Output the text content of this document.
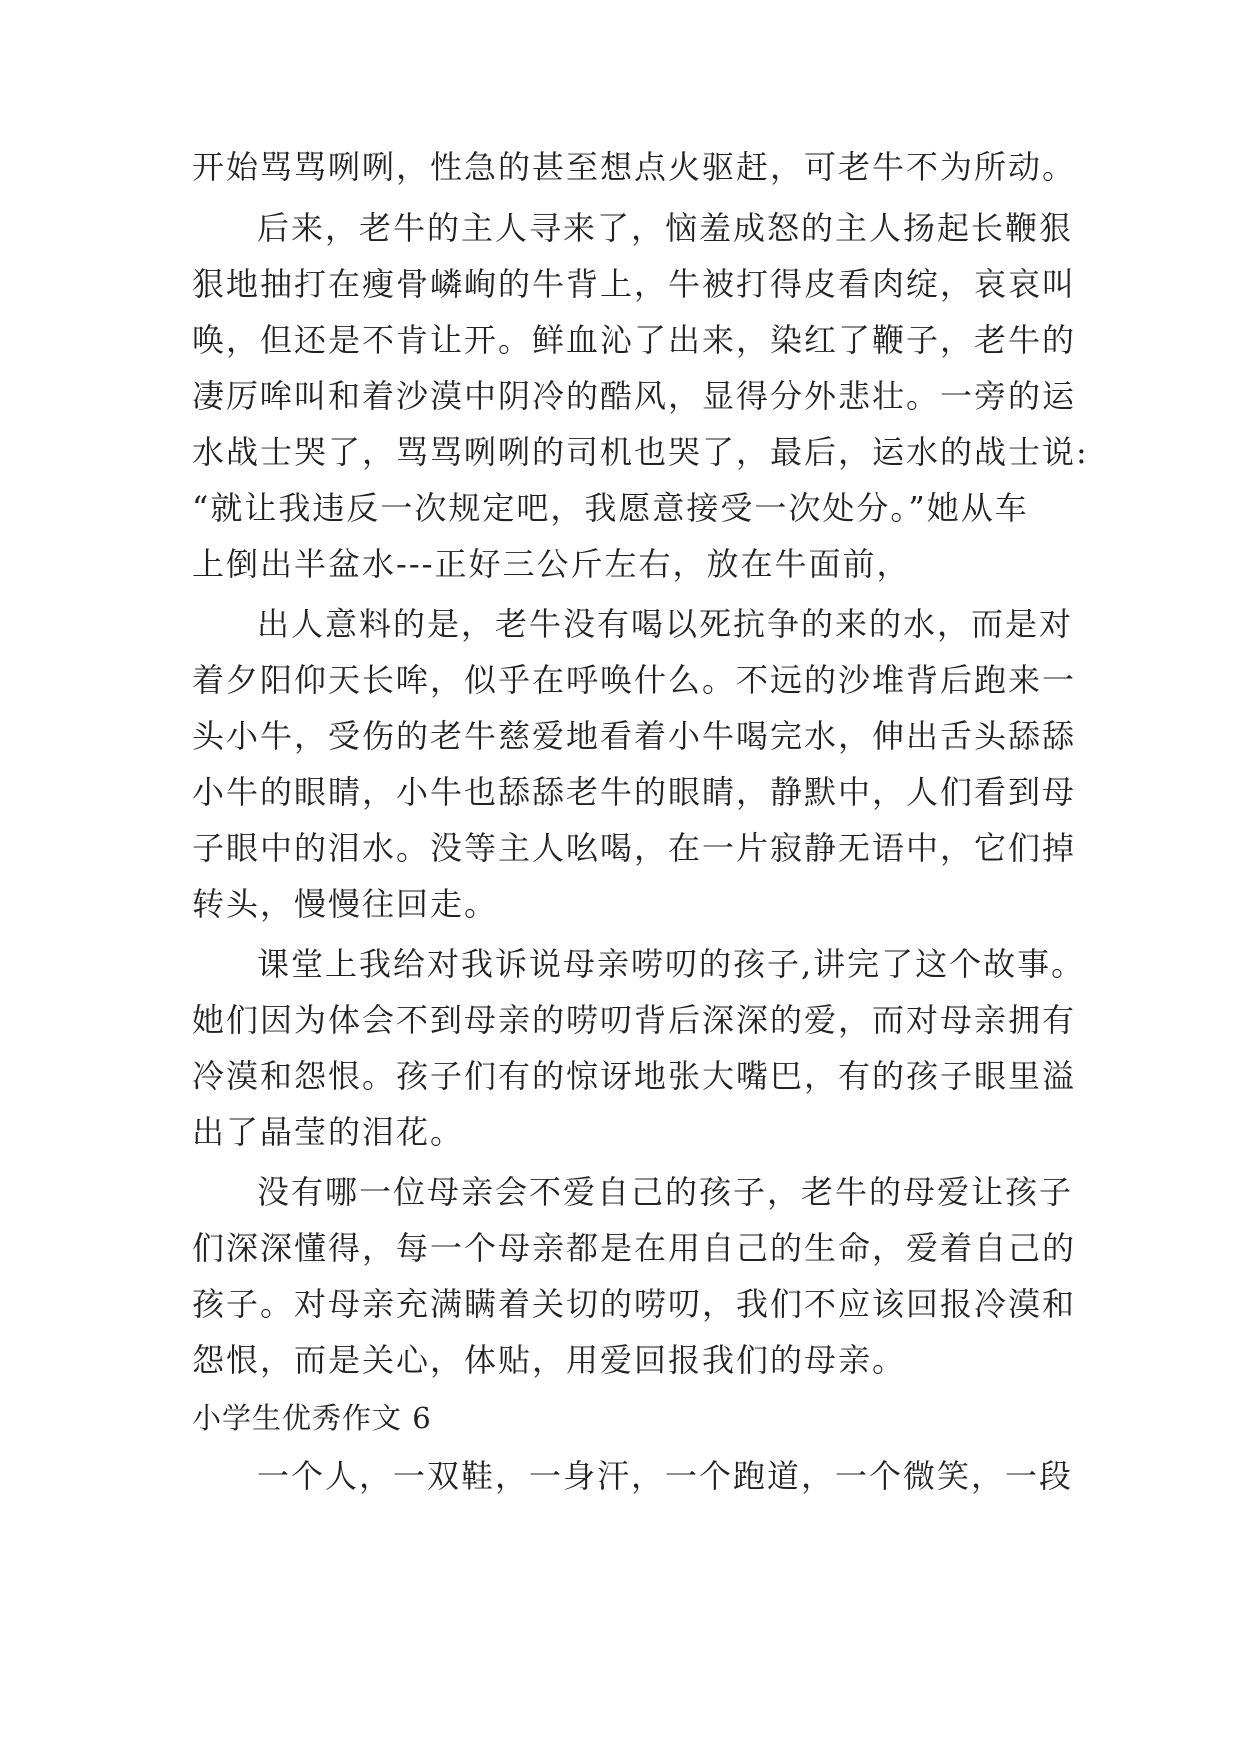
开始骂骂咧咧，性急的甚至想点火驱赶，可老牛不为所动。
后来，老牛的主人寻来了，恼羞成怒的主人扬起长鞭狠
狠地抽打在瘦骨嶙峋的牛背上，牛被打得皮看肉绽，哀哀叫
唤，但还是不肯让开。鲜血沁了出来，染红了鞭子，老牛的
凄厉哞叫和着沙漠中阴冷的酷风，显得分外悲壮。一旁的运
水战士哭了，骂骂咧咧的司机也哭了，最后，运水的战士说:
“就让我违反一次规定吧，我愿意接受一次处分。”她从车
上倒出半盆水---正好三公斤左右，放在牛面前，
出人意料的是，老牛没有喝以死抗争的来的水，而是对
着夕阳仰天长哞，似乎在呼唤什么。不远的沙堆背后跑来一
头小牛，受伤的老牛慈爱地看着小牛喝完水，伸出舌头舔舔
小牛的眼睛，小牛也舔舔老牛的眼睛，静默中，人们看到母
子眼中的泪水。没等主人吆喝，在一片寂静无语中，它们掉
转头，慢慢往回走。
课堂上我给对我诉说母亲唠叨的孩子,讲完了这个故事。
她们因为体会不到母亲的唠叨背后深深的爱，而对母亲拥有
冷漠和怨恨。孩子们有的惊讶地张大嘴巴，有的孩子眼里溢
出了晶莹的泪花。
没有哪一位母亲会不爱自己的孩子，老牛的母爱让孩子
们深深懂得，每一个母亲都是在用自己的生命，爱着自己的
孩子。对母亲充满瞒着关切的唠叨，我们不应该回报冷漠和
怨恨，而是关心，体贴，用爱回报我们的母亲。
小学生优秀作文 6
一个人，一双鞋，一身汗，一个跑道，一个微笑，一段
